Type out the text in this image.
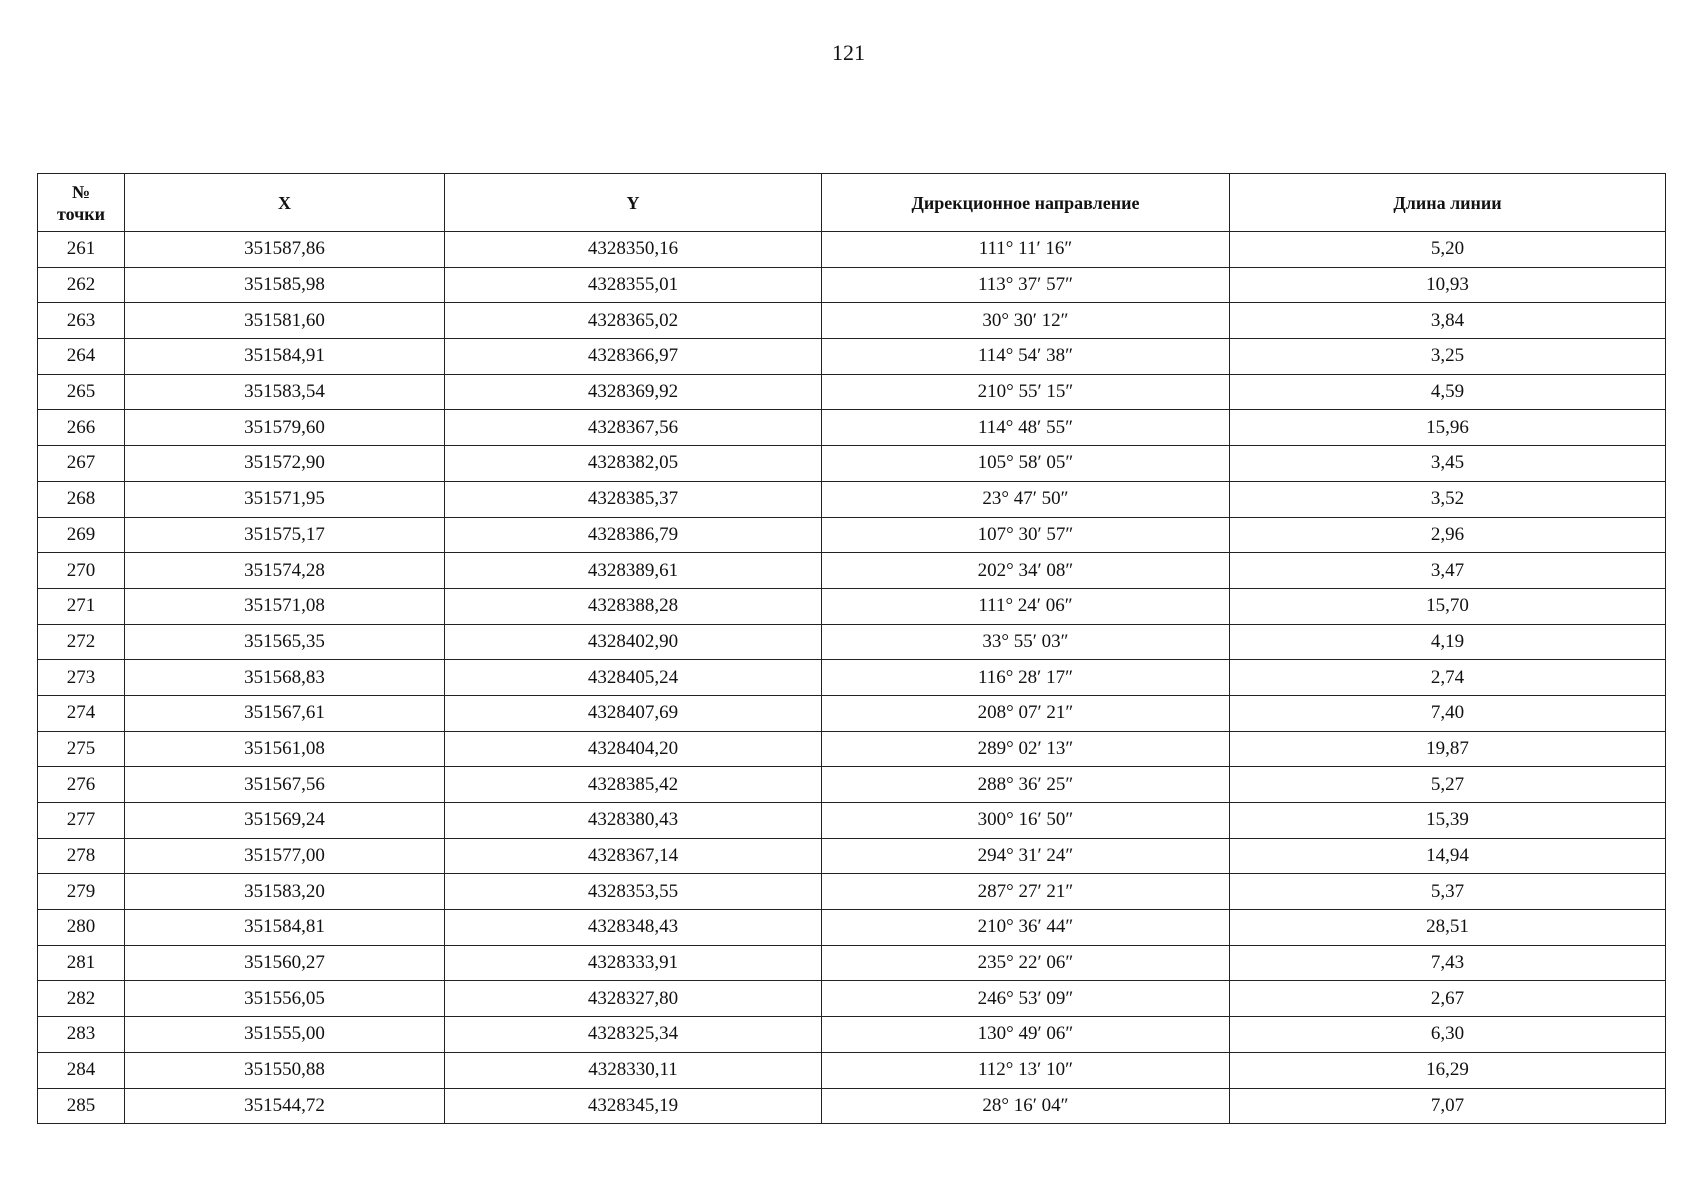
121
№
точки	X	Y	Дирекционное направление	Длина линии
261	351587,86	4328350,16	111° 11′ 16″	5,20
262	351585,98	4328355,01	113° 37′ 57″	10,93
263	351581,60	4328365,02	30° 30′ 12″	3,84
264	351584,91	4328366,97	114° 54′ 38″	3,25
265	351583,54	4328369,92	210° 55′ 15″	4,59
266	351579,60	4328367,56	114° 48′ 55″	15,96
267	351572,90	4328382,05	105° 58′ 05″	3,45
268	351571,95	4328385,37	23° 47′ 50″	3,52
269	351575,17	4328386,79	107° 30′ 57″	2,96
270	351574,28	4328389,61	202° 34′ 08″	3,47
271	351571,08	4328388,28	111° 24′ 06″	15,70
272	351565,35	4328402,90	33° 55′ 03″	4,19
273	351568,83	4328405,24	116° 28′ 17″	2,74
274	351567,61	4328407,69	208° 07′ 21″	7,40
275	351561,08	4328404,20	289° 02′ 13″	19,87
276	351567,56	4328385,42	288° 36′ 25″	5,27
277	351569,24	4328380,43	300° 16′ 50″	15,39
278	351577,00	4328367,14	294° 31′ 24″	14,94
279	351583,20	4328353,55	287° 27′ 21″	5,37
280	351584,81	4328348,43	210° 36′ 44″	28,51
281	351560,27	4328333,91	235° 22′ 06″	7,43
282	351556,05	4328327,80	246° 53′ 09″	2,67
283	351555,00	4328325,34	130° 49′ 06″	6,30
284	351550,88	4328330,11	112° 13′ 10″	16,29
285	351544,72	4328345,19	28° 16′ 04″	7,07
